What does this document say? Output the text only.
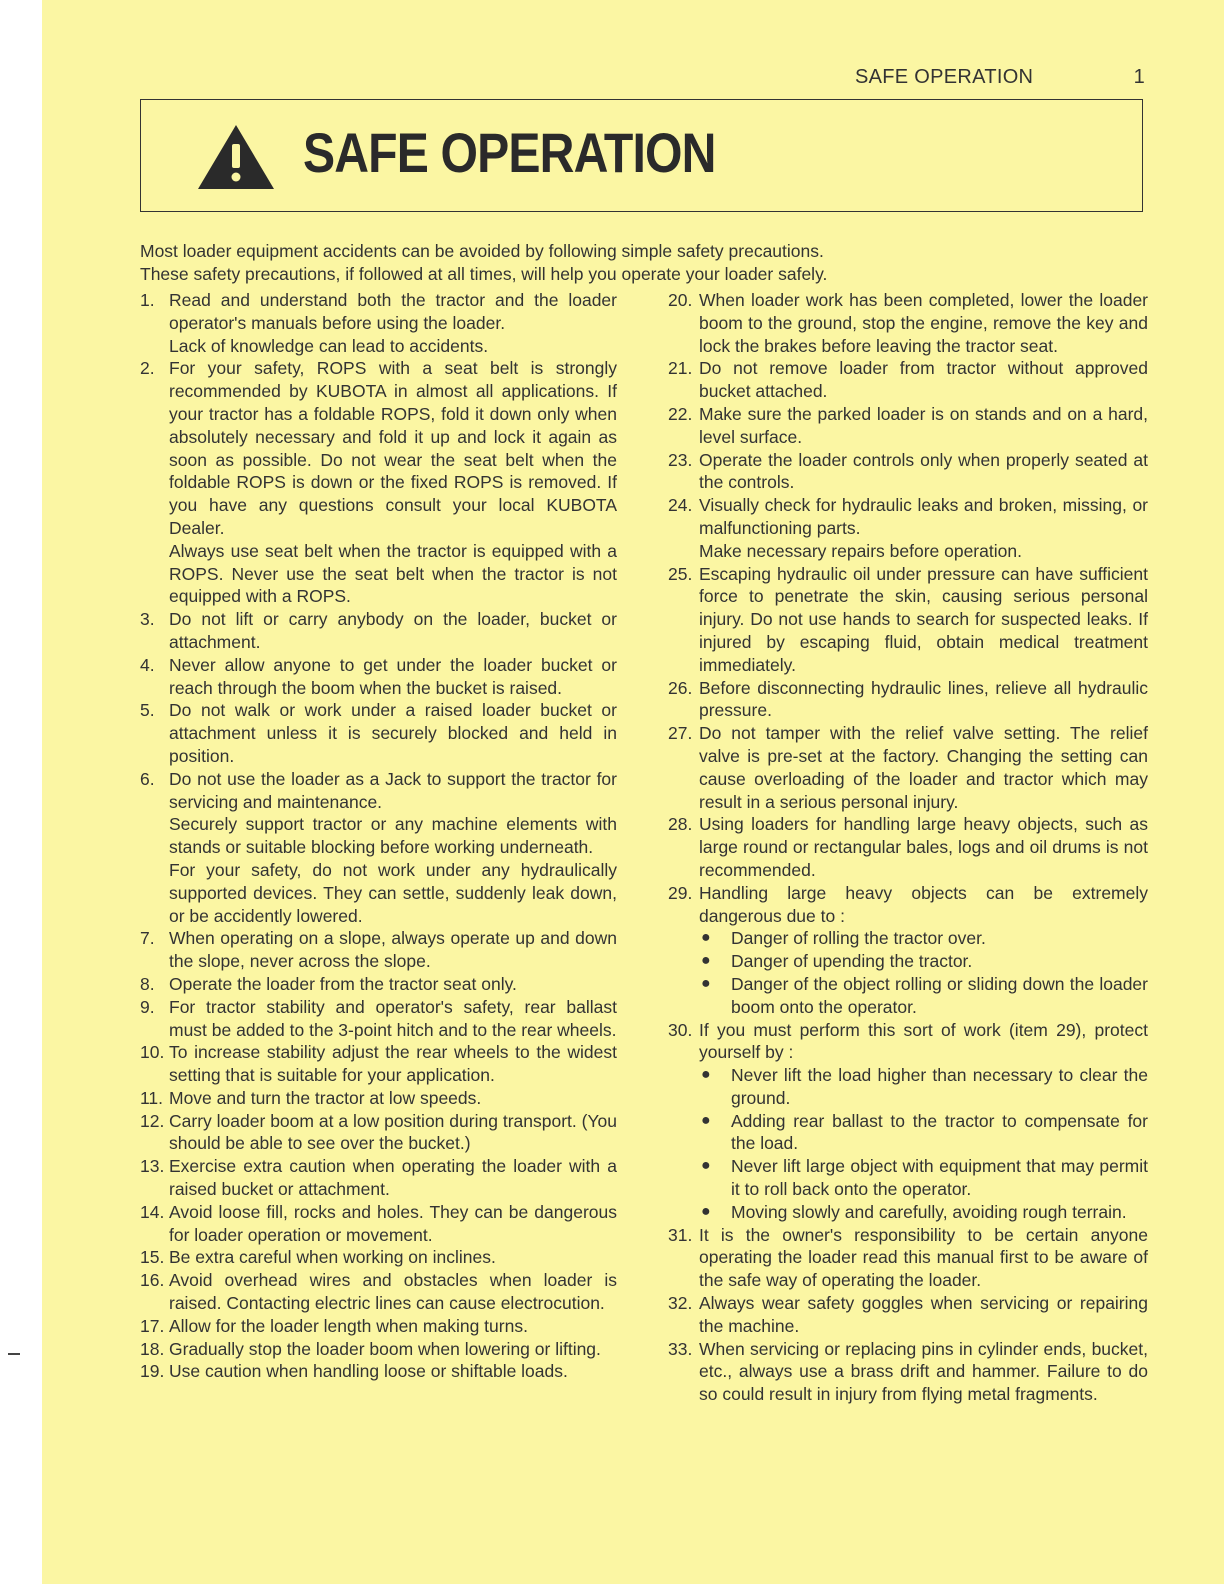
SAFE OPERATION	1
SAFE OPERATION
Most loader equipment accidents can be avoided by following simple safety precautions.
These safety precautions, if followed at all times, will help you operate your loader safely.
1. Read and understand both the tractor and the loader operator's manuals before using the loader.

Lack of knowledge can lead to accidents.

2. For your safety, ROPS with a seat belt is strongly recommended by KUBOTA in almost all applications. If your tractor has a foldable ROPS, fold it down only when absolutely necessary and fold it up and lock it again as soon as possible. Do not wear the seat belt when the foldable ROPS is down or the fixed ROPS is removed. If you have any questions consult your local KUBOTA Dealer.

Always use seat belt when the tractor is equipped with a ROPS. Never use the seat belt when the tractor is not equipped with a ROPS.

3. Do not lift or carry anybody on the loader, bucket or attachment.

4. Never allow anyone to get under the loader bucket or reach through the boom when the bucket is raised.

5. Do not walk or work under a raised loader bucket or attachment unless it is securely blocked and held in position.

6. Do not use the loader as a Jack to support the tractor for servicing and maintenance.

Securely support tractor or any machine elements with stands or suitable blocking before working underneath.

For your safety, do not work under any hydraulically supported devices. They can settle, suddenly leak down, or be accidently lowered.

7. When operating on a slope, always operate up and down the slope, never across the slope.

8. Operate the loader from the tractor seat only.

9. For tractor stability and operator's safety, rear ballast must be added to the 3-point hitch and to the rear wheels.

10. To increase stability adjust the rear wheels to the widest setting that is suitable for your application.

11. Move and turn the tractor at low speeds.

12. Carry loader boom at a low position during transport. (You should be able to see over the bucket.)

13. Exercise extra caution when operating the loader with a raised bucket or attachment.

14. Avoid loose fill, rocks and holes. They can be dangerous for loader operation or movement.

15. Be extra careful when working on inclines.

16. Avoid overhead wires and obstacles when loader is raised. Contacting electric lines can cause electrocution.

17. Allow for the loader length when making turns.

18. Gradually stop the loader boom when lowering or lifting.

19. Use caution when handling loose or shiftable loads.

20. When loader work has been completed, lower the loader boom to the ground, stop the engine, remove the key and lock the brakes before leaving the tractor seat.

21. Do not remove loader from tractor without approved bucket attached.

22. Make sure the parked loader is on stands and on a hard, level surface.

23. Operate the loader controls only when properly seated at the controls.

24. Visually check for hydraulic leaks and broken, missing, or malfunctioning parts.

Make necessary repairs before operation.

25. Escaping hydraulic oil under pressure can have sufficient force to penetrate the skin, causing serious personal injury. Do not use hands to search for suspected leaks. If injured by escaping fluid, obtain medical treatment immediately.

26. Before disconnecting hydraulic lines, relieve all hydraulic pressure.

27. Do not tamper with the relief valve setting. The relief valve is pre-set at the factory. Changing the setting can cause overloading of the loader and tractor which may result in a serious personal injury.

28. Using loaders for handling large heavy objects, such as large round or rectangular bales, logs and oil drums is not recommended.

29. Handling large heavy objects can be extremely dangerous due to :

●	Danger of rolling the tractor over.
●	Danger of upending the tractor.
●	Danger of the object rolling or sliding down the loader boom onto the operator.
30. If you must perform this sort of work (item 29), protect yourself by :

●	Never lift the load higher than necessary to clear the ground.
●	Adding rear ballast to the tractor to compensate for the load.
●	Never lift large object with equipment that may permit it to roll back onto the operator.
●	Moving slowly and carefully, avoiding rough terrain.
31. It is the owner's responsibility to be certain anyone operating the loader read this manual first to be aware of the safe way of operating the loader.

32. Always wear safety goggles when servicing or repairing the machine.

33. When servicing or replacing pins in cylinder ends, bucket, etc., always use a brass drift and hammer. Failure to do so could result in injury from flying metal fragments.
